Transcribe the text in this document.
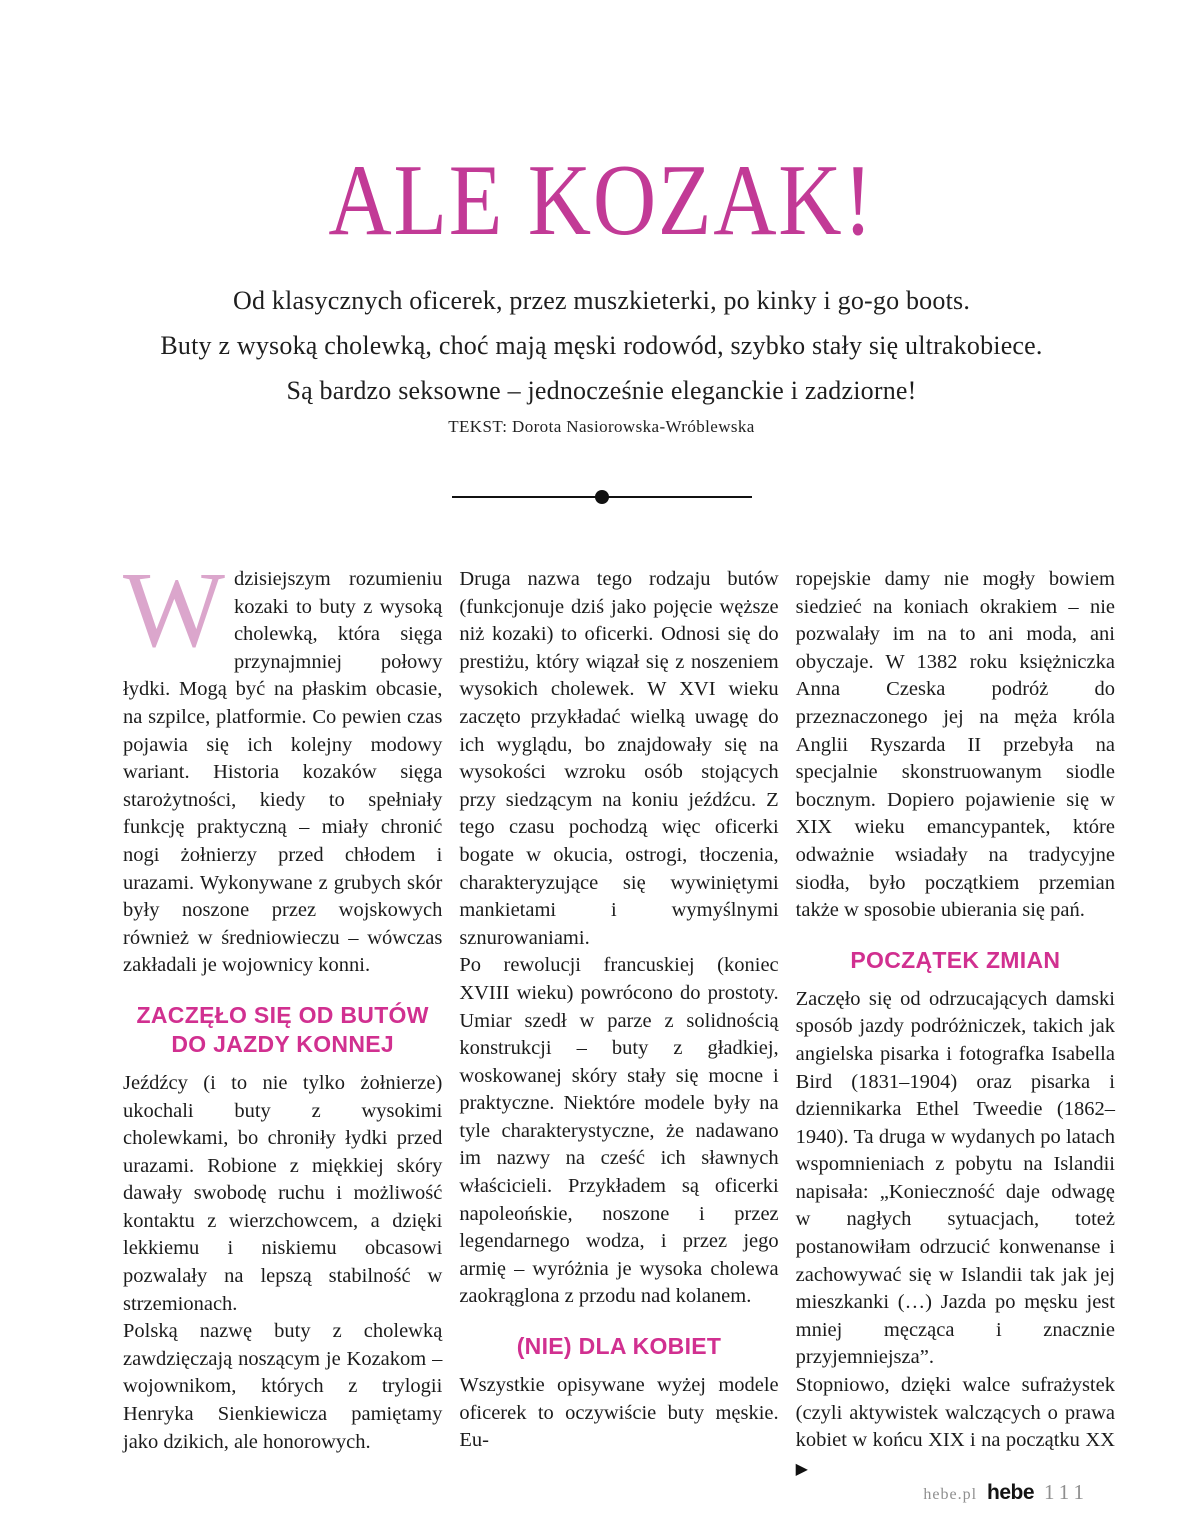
ALE KOZAK!
Od klasycznych oficerek, przez muszkieterki, po kinky i go-go boots.
Buty z wysoką cholewką, choć mają męski rodowód, szybko stały się ultrakobiece.
Są bardzo seksowne – jednocześnie eleganckie i zadziorne!
TEKST: Dorota Nasiorowska-Wróblewska

Wdzisiejszym rozumieniu kozaki to buty z wysoką cholewką, która sięga przynajmniej połowy łydki. Mogą być na płaskim obcasie, na szpilce, platformie. Co pewien czas pojawia się ich kolejny modowy wariant. Historia kozaków sięga starożytności, kiedy to spełniały funkcję praktyczną – miały chronić nogi żołnierzy przed chłodem i urazami. Wykonywane z grubych skór były noszone przez wojskowych również w średniowieczu – wówczas zakładali je wojownicy konni.

ZACZĘŁO SIĘ OD BUTÓW DO JAZDY KONNEJ

Jeźdźcy (i to nie tylko żołnierze) ukochali buty z wysokimi cholewkami, bo chroniły łydki przed urazami. Robione z miękkiej skóry dawały swobodę ruchu i możliwość kontaktu z wierzchowcem, a dzięki lekkiemu i niskiemu obcasowi pozwalały na lepszą stabilność w strzemionach.

Polską nazwę buty z cholewką zawdzięczają noszącym je Kozakom – wojownikom, których z trylogii Henryka Sienkiewicza pamiętamy jako dzikich, ale honorowych.

Druga nazwa tego rodzaju butów (funkcjonuje dziś jako pojęcie węższe niż kozaki) to oficerki. Odnosi się do prestiżu, który wiązał się z noszeniem wysokich cholewek. W XVI wieku zaczęto przykładać wielką uwagę do ich wyglądu, bo znajdowały się na wysokości wzroku osób stojących przy siedzącym na koniu jeźdźcu. Z tego czasu pochodzą więc oficerki bogate w okucia, ostrogi, tłoczenia, charakteryzujące się wywiniętymi mankietami i wymyślnymi sznurowaniami.

Po rewolucji francuskiej (koniec XVIII wieku) powrócono do prostoty. Umiar szedł w parze z solidnością konstrukcji – buty z gładkiej, woskowanej skóry stały się mocne i praktyczne. Niektóre modele były na tyle charakterystyczne, że nadawano im nazwy na cześć ich sławnych właścicieli. Przykładem są oficerki napoleońskie, noszone i przez legendarnego wodza, i przez jego armię – wyróżnia je wysoka cholewa zaokrąglona z przodu nad kolanem.

(NIE) DLA KOBIET

Wszystkie opisywane wyżej modele oficerek to oczywiście buty męskie. Eu-

ropejskie damy nie mogły bowiem siedzieć na koniach okrakiem – nie pozwalały im na to ani moda, ani obyczaje. W 1382 roku księżniczka Anna Czeska podróż do przeznaczonego jej na męża króla Anglii Ryszarda II przebyła na specjalnie skonstruowanym siodle bocznym. Dopiero pojawienie się w XIX wieku emancypantek, które odważnie wsiadały na tradycyjne siodła, było początkiem przemian także w sposobie ubierania się pań.

POCZĄTEK ZMIAN

Zaczęło się od odrzucających damski sposób jazdy podróżniczek, takich jak angielska pisarka i fotografka Isabella Bird (1831–1904) oraz pisarka i dziennikarka Ethel Tweedie (1862–1940). Ta druga w wydanych po latach wspomnieniach z pobytu na Islandii napisała: „Konieczność daje odwagę w nagłych sytuacjach, toteż postanowiłam odrzucić konwenanse i zachowywać się w Islandii tak jak jej mieszkanki (…) Jazda po męsku jest mniej męcząca i znacznie przyjemniejsza”.

Stopniowo, dzięki walce sufrażystek (czyli aktywistek walczących o prawa kobiet w końcu XIX i na początku XX ▶

hebe.pl hebe 111
